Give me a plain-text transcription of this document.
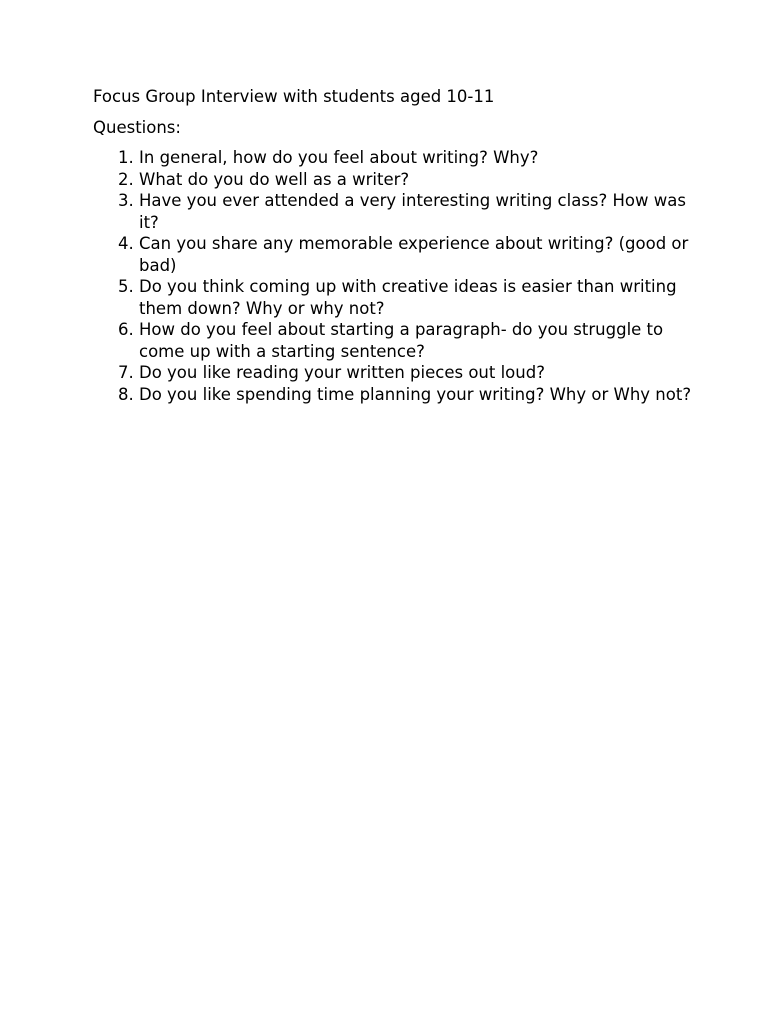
Focus Group Interview with students aged 10-11
Questions:
1. In general, how do you feel about writing? Why?
2. What do you do well as a writer?
3. Have you ever attended a very interesting writing class? How was it?
4. Can you share any memorable experience about writing? (good or bad)
5. Do you think coming up with creative ideas is easier than writing them down? Why or why not?
6. How do you feel about starting a paragraph- do you struggle to come up with a starting sentence?
7. Do you like reading your written pieces out loud?
8. Do you like spending time planning your writing? Why or Why not?
